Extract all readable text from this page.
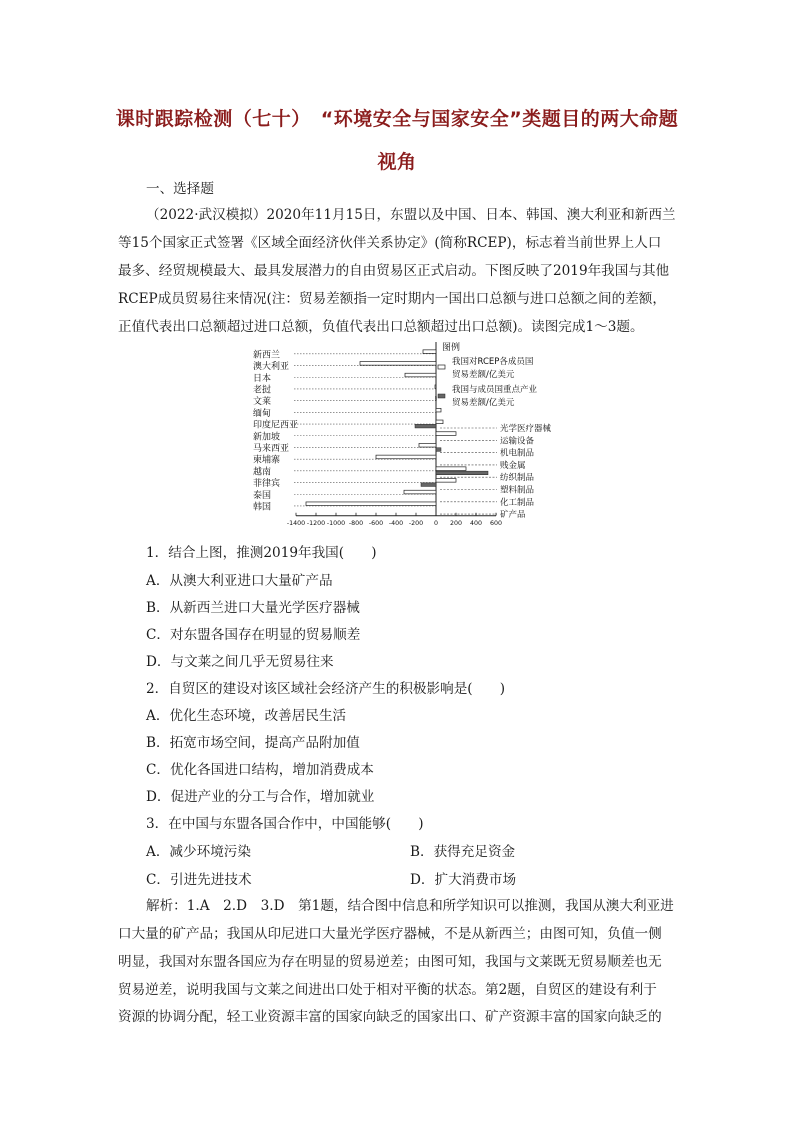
课时跟踪检测（七十）　“环境安全与国家安全”类题目的两大命题
视角
一、选择题
（2022·武汉模拟）2020年11月15日，东盟以及中国、日本、韩国、澳大利亚和新西兰
等15个国家正式签署《区域全面经济伙伴关系协定》(简称RCEP)，标志着当前世界上人口
最多、经贸规模最大、最具发展潜力的自由贸易区正式启动。下图反映了2019年我国与其他
RCEP成员贸易往来情况(注：贸易差额指一定时期内一国出口总额与进口总额之间的差额，
正值代表出口总额超过进口总额，负值代表出口总额超过出口总额)。读图完成1～3题。
新西兰
澳大利亚
日本
老挝
文莱
缅甸
印度尼西亚
新加坡
马来西亚
柬埔寨
越南
菲律宾
泰国
韩国
-1400 -1200 -1000 -800 -600 -400 -200 0 200 400 600
图例
我国对RCEP各成员国
贸易差额/亿美元
我国与成员国重点产业
贸易差额/亿美元
光学医疗器械
运输设备
机电制品
贱金属
纺织制品
塑料制品
化工制品
矿产品
1．结合上图，推测2019年我国(　　)
A．从澳大利亚进口大量矿产品
B．从新西兰进口大量光学医疗器械
C．对东盟各国存在明显的贸易顺差
D．与文莱之间几乎无贸易往来
2．自贸区的建设对该区域社会经济产生的积极影响是(　　)
A．优化生态环境，改善居民生活
B．拓宽市场空间，提高产品附加值
C．优化各国进口结构，增加消费成本
D．促进产业的分工与合作，增加就业
3．在中国与东盟各国合作中，中国能够(　　)
A．减少环境污染	B．获得充足资金
C．引进先进技术	D．扩大消费市场
解析：1.A　2.D　3.D　第1题，结合图中信息和所学知识可以推测，我国从澳大利亚进
口大量的矿产品；我国从印尼进口大量光学医疗器械，不是从新西兰；由图可知，负值一侧
明显，我国对东盟各国应为存在明显的贸易逆差；由图可知，我国与文莱既无贸易顺差也无
贸易逆差，说明我国与文莱之间进出口处于相对平衡的状态。第2题，自贸区的建设有利于
资源的协调分配，轻工业资源丰富的国家向缺乏的国家出口、矿产资源丰富的国家向缺乏的
